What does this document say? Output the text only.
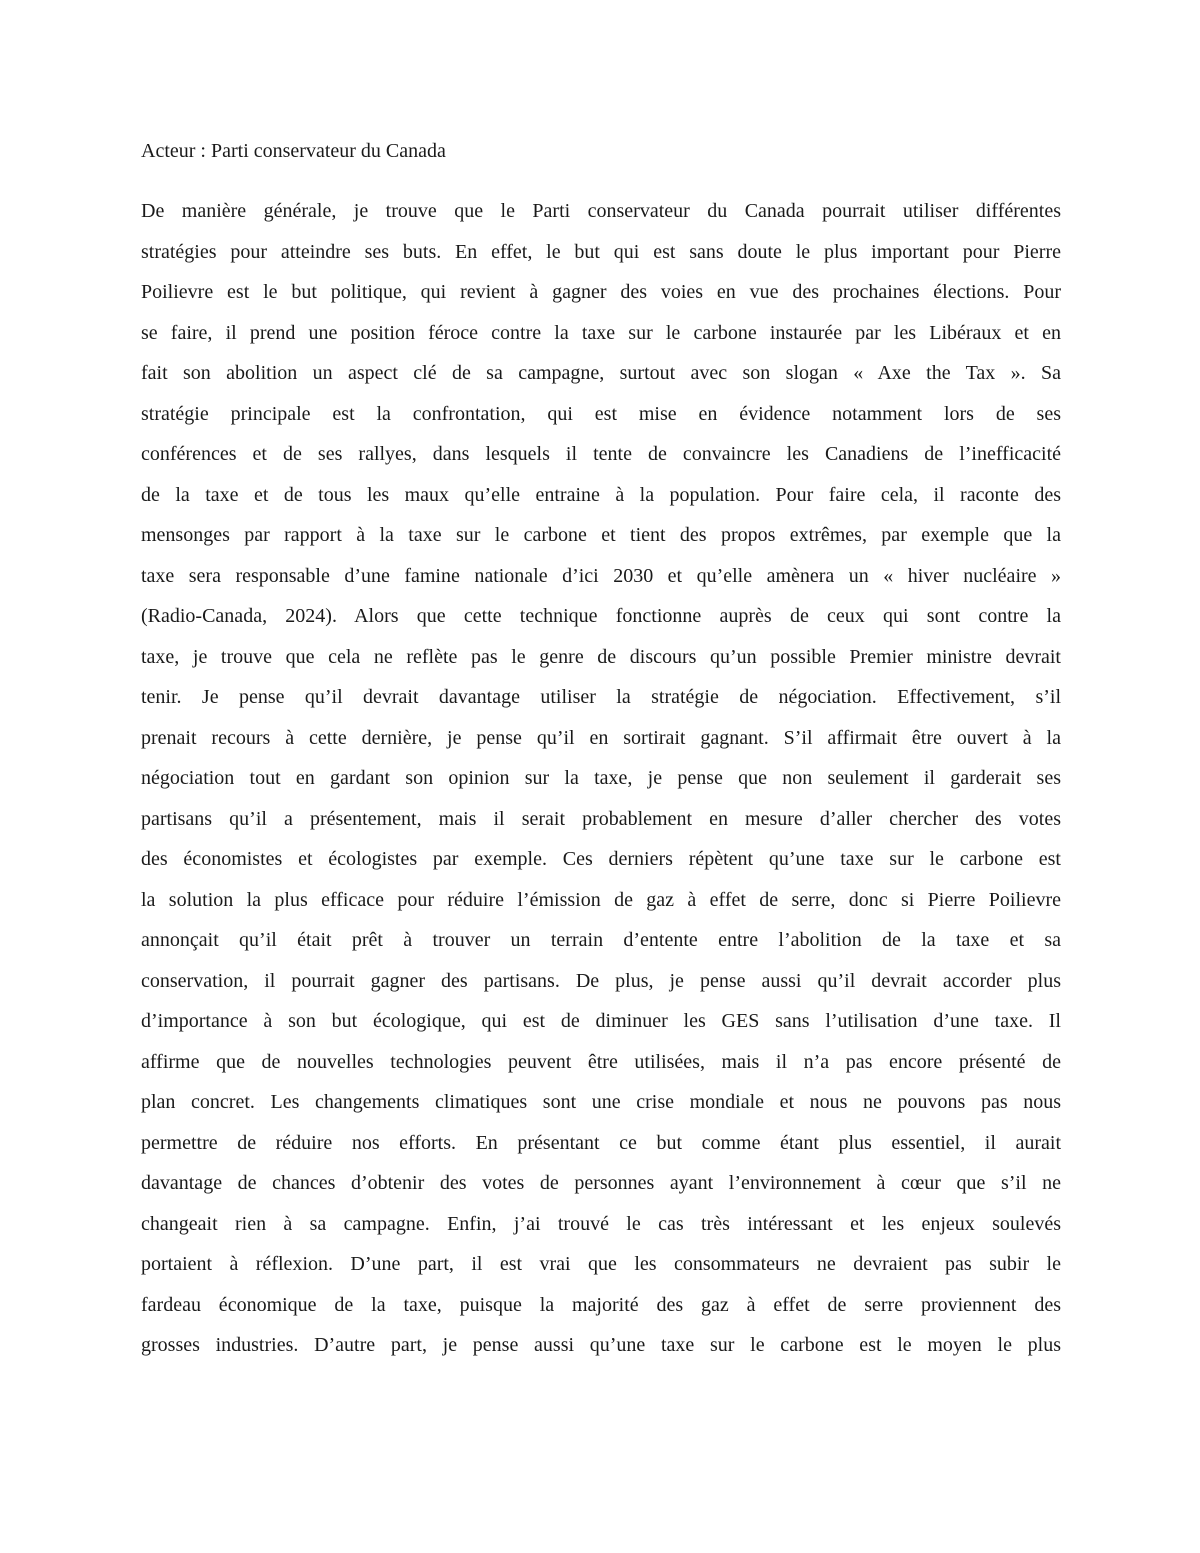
Acteur : Parti conservateur du Canada

De manière générale, je trouve que le Parti conservateur du Canada pourrait utiliser différentes
stratégies pour atteindre ses buts. En effet, le but qui est sans doute le plus important pour Pierre
Poilievre est le but politique, qui revient à gagner des voies en vue des prochaines élections. Pour
se faire, il prend une position féroce contre la taxe sur le carbone instaurée par les Libéraux et en
fait son abolition un aspect clé de sa campagne, surtout avec son slogan « Axe the Tax ». Sa
stratégie principale est la confrontation, qui est mise en évidence notamment lors de ses
conférences et de ses rallyes, dans lesquels il tente de convaincre les Canadiens de l’inefficacité
de la taxe et de tous les maux qu’elle entraine à la population. Pour faire cela, il raconte des
mensonges par rapport à la taxe sur le carbone et tient des propos extrêmes, par exemple que la
taxe sera responsable d’une famine nationale d’ici 2030 et qu’elle amènera un « hiver nucléaire »
(Radio-Canada, 2024). Alors que cette technique fonctionne auprès de ceux qui sont contre la
taxe, je trouve que cela ne reflète pas le genre de discours qu’un possible Premier ministre devrait
tenir. Je pense qu’il devrait davantage utiliser la stratégie de négociation. Effectivement, s’il
prenait recours à cette dernière, je pense qu’il en sortirait gagnant. S’il affirmait être ouvert à la
négociation tout en gardant son opinion sur la taxe, je pense que non seulement il garderait ses
partisans qu’il a présentement, mais il serait probablement en mesure d’aller chercher des votes
des économistes et écologistes par exemple. Ces derniers répètent qu’une taxe sur le carbone est
la solution la plus efficace pour réduire l’émission de gaz à effet de serre, donc si Pierre Poilievre
annonçait qu’il était prêt à trouver un terrain d’entente entre l’abolition de la taxe et sa
conservation, il pourrait gagner des partisans. De plus, je pense aussi qu’il devrait accorder plus
d’importance à son but écologique, qui est de diminuer les GES sans l’utilisation d’une taxe. Il
affirme que de nouvelles technologies peuvent être utilisées, mais il n’a pas encore présenté de
plan concret. Les changements climatiques sont une crise mondiale et nous ne pouvons pas nous
permettre de réduire nos efforts. En présentant ce but comme étant plus essentiel, il aurait
davantage de chances d’obtenir des votes de personnes ayant l’environnement à cœur que s’il ne
changeait rien à sa campagne. Enfin, j’ai trouvé le cas très intéressant et les enjeux soulevés
portaient à réflexion. D’une part, il est vrai que les consommateurs ne devraient pas subir le
fardeau économique de la taxe, puisque la majorité des gaz à effet de serre proviennent des
grosses industries. D’autre part, je pense aussi qu’une taxe sur le carbone est le moyen le plus
